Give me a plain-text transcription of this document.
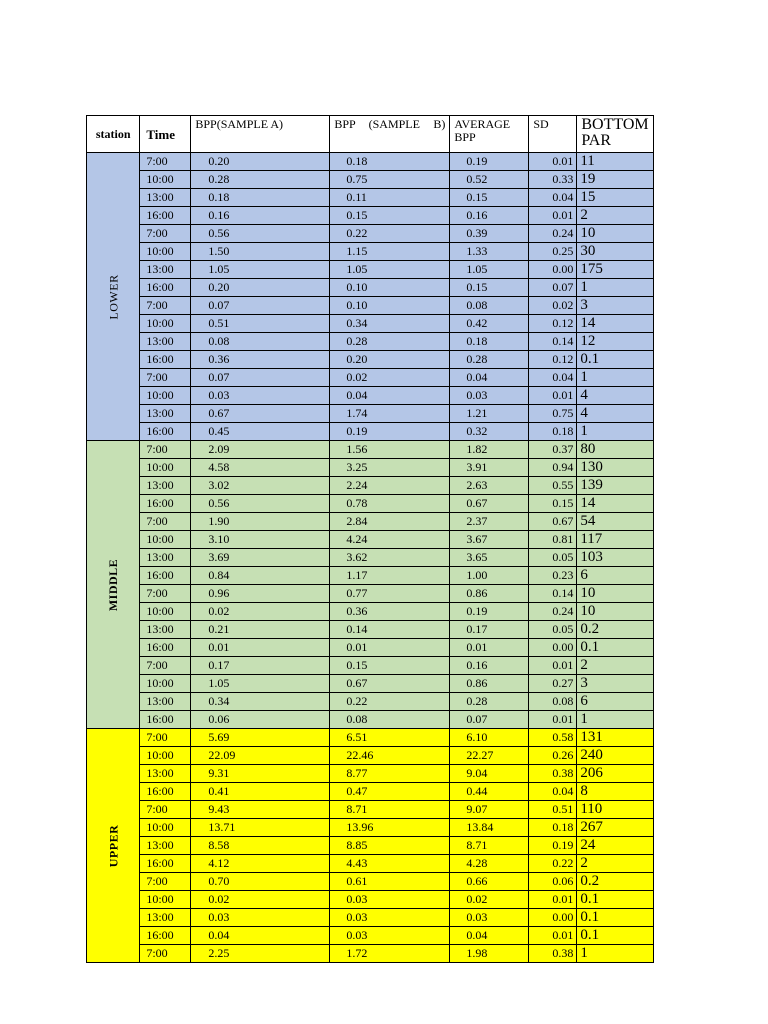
station	Time	BPP(SAMPLE A)	BPP (SAMPLE B)	AVERAGE BPP	SD	BOTTOM PAR
LOWER	7:00	0.20	0.18	0.19	0.01	11
	10:00	0.28	0.75	0.52	0.33	19
	13:00	0.18	0.11	0.15	0.04	15
	16:00	0.16	0.15	0.16	0.01	2
	7:00	0.56	0.22	0.39	0.24	10
	10:00	1.50	1.15	1.33	0.25	30
	13:00	1.05	1.05	1.05	0.00	175
	16:00	0.20	0.10	0.15	0.07	1
	7:00	0.07	0.10	0.08	0.02	3
	10:00	0.51	0.34	0.42	0.12	14
	13:00	0.08	0.28	0.18	0.14	12
	16:00	0.36	0.20	0.28	0.12	0.1
	7:00	0.07	0.02	0.04	0.04	1
	10:00	0.03	0.04	0.03	0.01	4
	13:00	0.67	1.74	1.21	0.75	4
	16:00	0.45	0.19	0.32	0.18	1
MIDDLE	7:00	2.09	1.56	1.82	0.37	80
	10:00	4.58	3.25	3.91	0.94	130
	13:00	3.02	2.24	2.63	0.55	139
	16:00	0.56	0.78	0.67	0.15	14
	7:00	1.90	2.84	2.37	0.67	54
	10:00	3.10	4.24	3.67	0.81	117
	13:00	3.69	3.62	3.65	0.05	103
	16:00	0.84	1.17	1.00	0.23	6
	7:00	0.96	0.77	0.86	0.14	10
	10:00	0.02	0.36	0.19	0.24	10
	13:00	0.21	0.14	0.17	0.05	0.2
	16:00	0.01	0.01	0.01	0.00	0.1
	7:00	0.17	0.15	0.16	0.01	2
	10:00	1.05	0.67	0.86	0.27	3
	13:00	0.34	0.22	0.28	0.08	6
	16:00	0.06	0.08	0.07	0.01	1
UPPER	7:00	5.69	6.51	6.10	0.58	131
	10:00	22.09	22.46	22.27	0.26	240
	13:00	9.31	8.77	9.04	0.38	206
	16:00	0.41	0.47	0.44	0.04	8
	7:00	9.43	8.71	9.07	0.51	110
	10:00	13.71	13.96	13.84	0.18	267
	13:00	8.58	8.85	8.71	0.19	24
	16:00	4.12	4.43	4.28	0.22	2
	7:00	0.70	0.61	0.66	0.06	0.2
	10:00	0.02	0.03	0.02	0.01	0.1
	13:00	0.03	0.03	0.03	0.00	0.1
	16:00	0.04	0.03	0.04	0.01	0.1
	7:00	2.25	1.72	1.98	0.38	1
